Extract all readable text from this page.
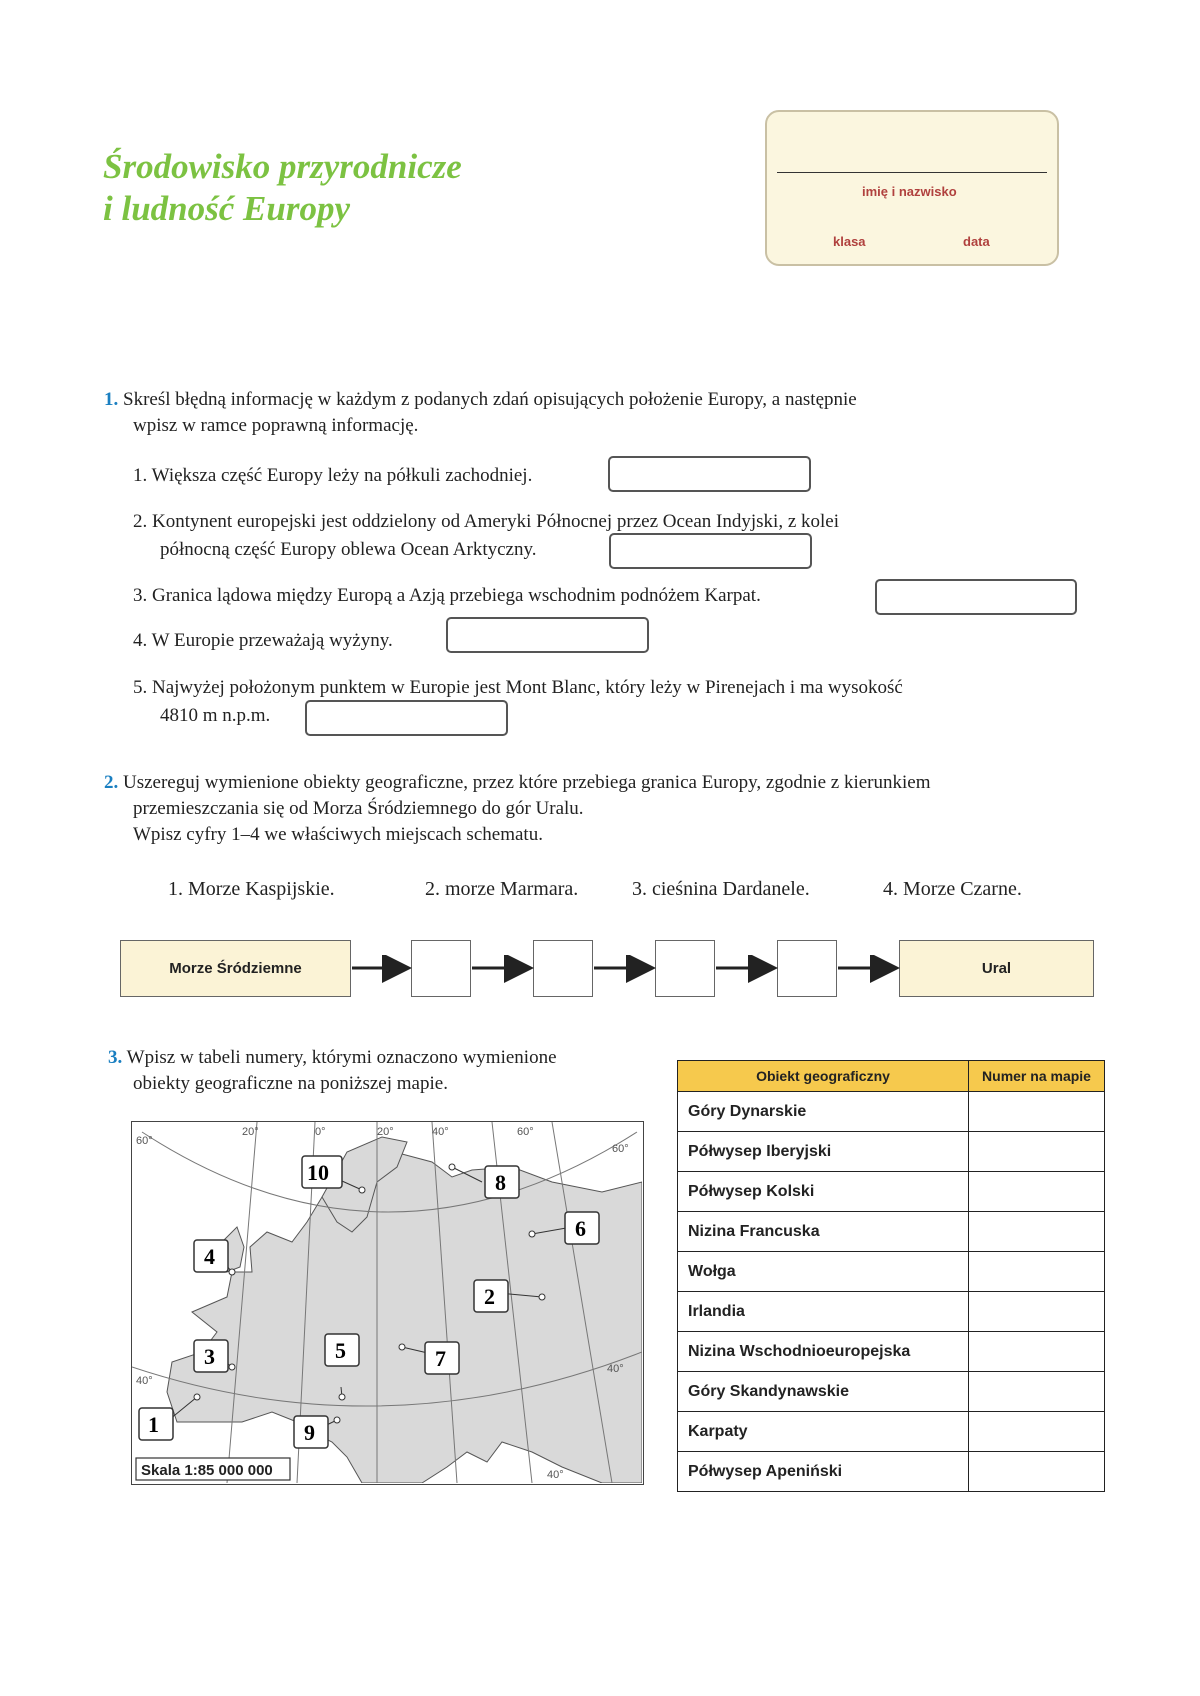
Środowisko przyrodnicze
i ludność Europy	imię i nazwisko
klasa	data
1. Skreśl błędną informację w każdym z podanych zdań opisujących położenie Europy, a następnie
wpisz w ramce poprawną informację.
1. Większa część Europy leży na półkuli zachodniej.
2. Kontynent europejski jest oddzielony od Ameryki Północnej przez Ocean Indyjski, z kolei
północną część Europy oblewa Ocean Arktyczny.
3. Granica lądowa między Europą a Azją przebiega wschodnim podnóżem Karpat.
4. W Europie przeważają wyżyny.
5. Najwyżej położonym punktem w Europie jest Mont Blanc, który leży w Pirenejach i ma wysokość
4810 m n.p.m.
2. Uszereguj wymienione obiekty geograficzne, przez które przebiega granica Europy, zgodnie z kierunkiem
przemieszczania się od Morza Śródziemnego do gór Uralu.
Wpisz cyfry 1–4 we właściwych miejscach schematu.
1. Morze Kaspijskie.	2. morze Marmara.	3. cieśnina Dardanele.	4. Morze Czarne.
Morze Śródziemne	Ural
3. Wpisz w tabeli numery, którymi oznaczono wymienione
obiekty geograficzne na poniższej mapie.
60°
20°	0°	20°	40°	60°
60°
40°
40°
40°
1
2
3
4
5
6
7
8
9
10
Skala 1:85 000 000
Obiekt geograficzny	Numer na mapie
Góry Dynarskie	
Półwysep Iberyjski	
Półwysep Kolski	
Nizina Francuska	
Wołga	
Irlandia	
Nizina Wschodnioeuropejska	
Góry Skandynawskie	
Karpaty	
Półwysep Apeniński	
